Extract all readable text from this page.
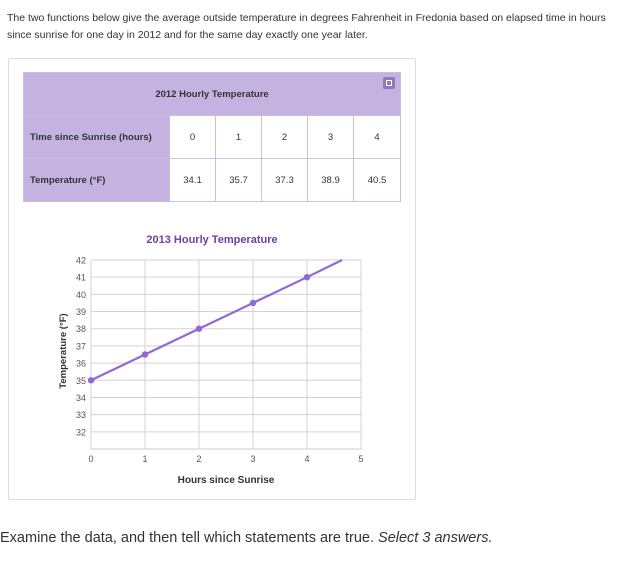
The two functions below give the average outside temperature in degrees Fahrenheit in Fredonia based on elapsed time in hours since sunrise for one day in 2012 and for the same day exactly one year later.
2012 Hourly Temperature					

Time since Sunrise (hours)	0	1	2	3	4
Temperature (°F)	34.1	35.7	37.3	38.9	40.5
2013 Hourly Temperature
32
33
34
35
36
37
38
39
40
41
42
0	1	2	3	4	5
Hours since Sunrise
Temperature (°F)
Examine the data, and then tell which statements are true. Select 3 answers.
